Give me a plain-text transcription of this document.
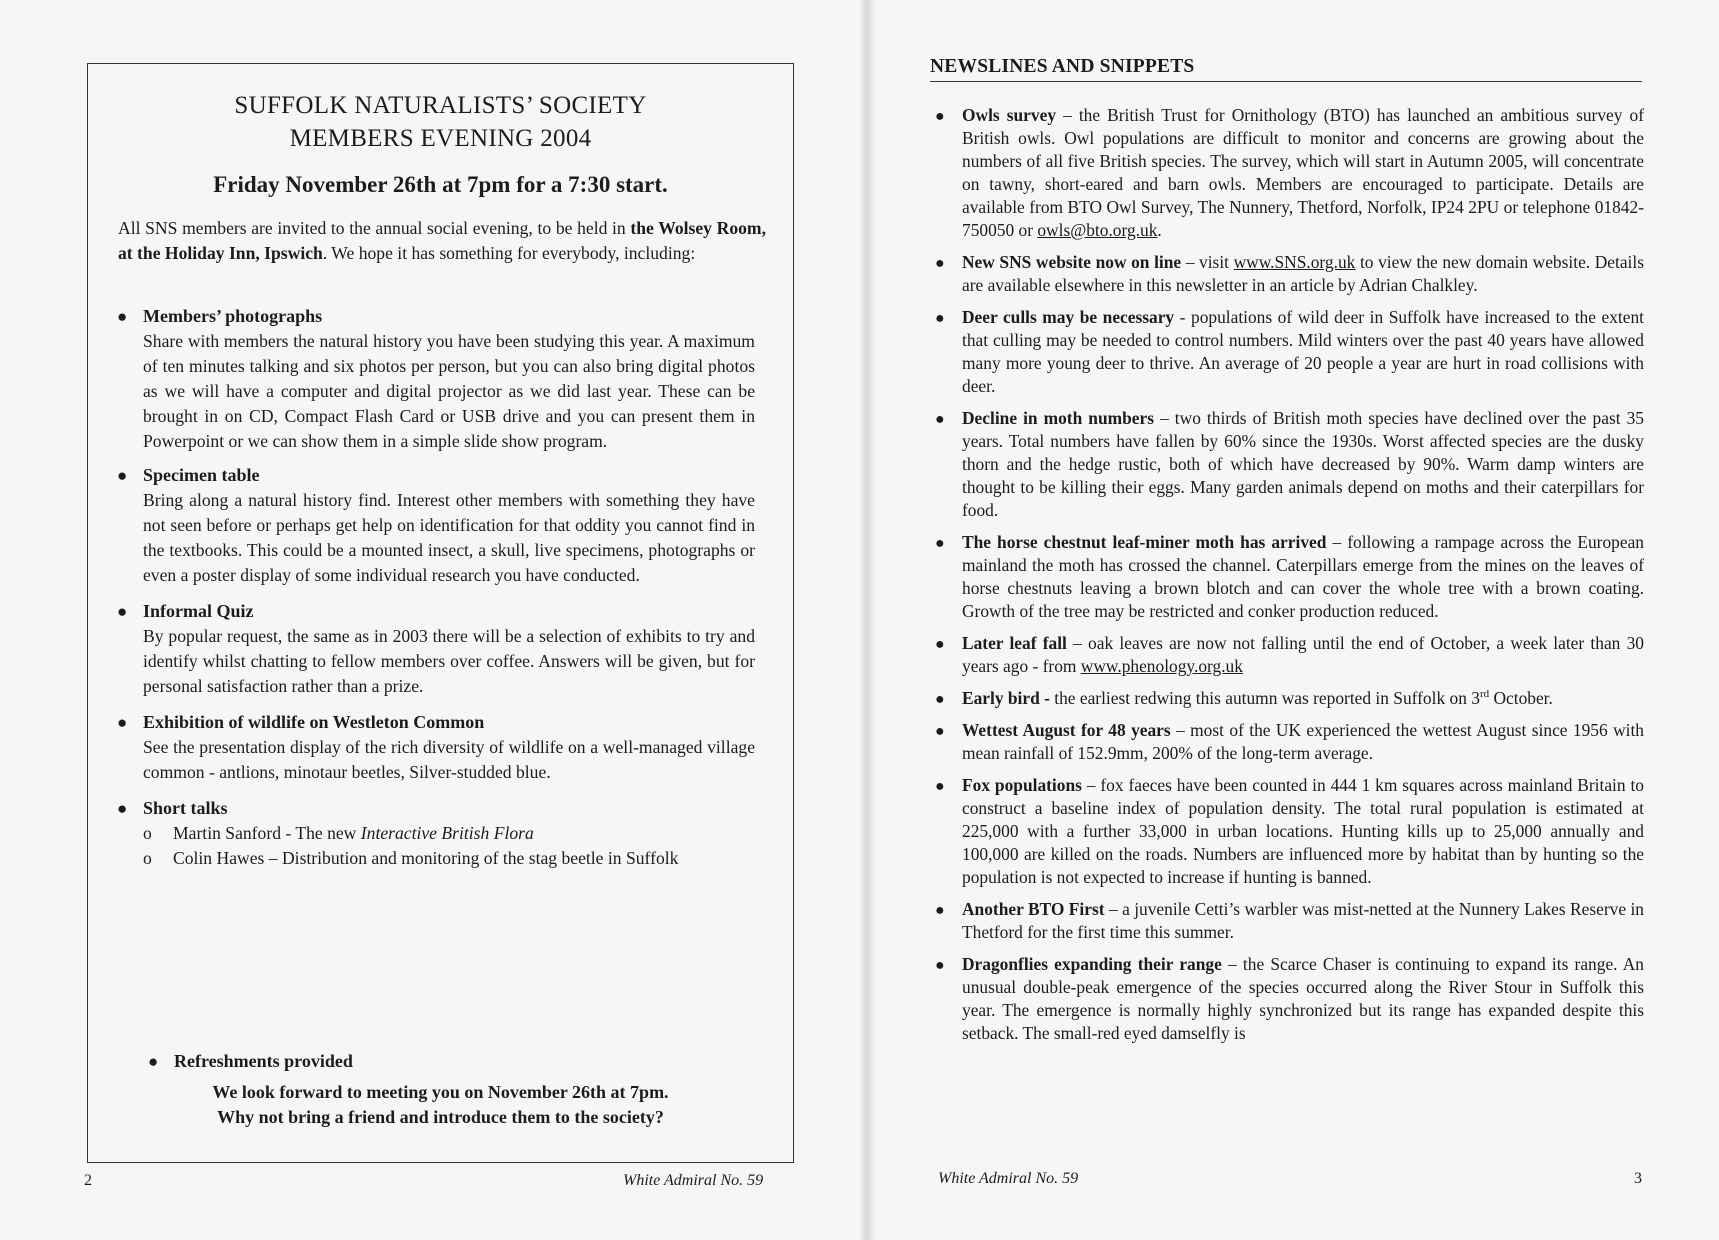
SUFFOLK NATURALISTS’ SOCIETY
MEMBERS EVENING 2004
Friday November 26th at 7pm for a 7:30 start.

All SNS members are invited to the annual social evening, to be held in the Wolsey Room, at the Holiday Inn, Ipswich. We hope it has something for everybody, including:

● Members’ photographs
Share with members the natural history you have been studying this year. A maximum of ten minutes talking and six photos per person, but you can also bring digital photos as we will have a computer and digital projector as we did last year. These can be brought in on CD, Compact Flash Card or USB drive and you can present them in Powerpoint or we can show them in a simple slide show program.
● Specimen table
Bring along a natural history find. Interest other members with something they have not seen before or perhaps get help on identification for that oddity you cannot find in the textbooks. This could be a mounted insect, a skull, live specimens, photographs or even a poster display of some individual research you have conducted.
● Informal Quiz
By popular request, the same as in 2003 there will be a selection of exhibits to try and identify whilst chatting to fellow members over coffee. Answers will be given, but for personal satisfaction rather than a prize.
● Exhibition of wildlife on Westleton Common
See the presentation display of the rich diversity of wildlife on a well-managed village common - antlions, minotaur beetles, Silver-studded blue.
● Short talks
o Martin Sanford - The new Interactive British Flora
o Colin Hawes – Distribution and monitoring of the stag beetle in Suffolk
● Refreshments provided
We look forward to meeting you on November 26th at 7pm.
Why not bring a friend and introduce them to the society?
2	White Admiral No. 59
NEWSLINES AND SNIPPETS
● Owls survey – the British Trust for Ornithology (BTO) has launched an ambitious survey of British owls. Owl populations are difficult to monitor and concerns are growing about the numbers of all five British species. The survey, which will start in Autumn 2005, will concentrate on tawny, short-eared and barn owls. Members are encouraged to participate. Details are available from BTO Owl Survey, The Nunnery, Thetford, Norfolk, IP24 2PU or telephone 01842-750050 or owls@bto.org.uk.
● New SNS website now on line – visit www.SNS.org.uk to view the new domain website. Details are available elsewhere in this newsletter in an article by Adrian Chalkley.
● Deer culls may be necessary - populations of wild deer in Suffolk have increased to the extent that culling may be needed to control numbers. Mild winters over the past 40 years have allowed many more young deer to thrive. An average of 20 people a year are hurt in road collisions with deer.
● Decline in moth numbers – two thirds of British moth species have declined over the past 35 years. Total numbers have fallen by 60% since the 1930s. Worst affected species are the dusky thorn and the hedge rustic, both of which have decreased by 90%. Warm damp winters are thought to be killing their eggs. Many garden animals depend on moths and their caterpillars for food.
● The horse chestnut leaf-miner moth has arrived – following a rampage across the European mainland the moth has crossed the channel. Caterpillars emerge from the mines on the leaves of horse chestnuts leaving a brown blotch and can cover the whole tree with a brown coating. Growth of the tree may be restricted and conker production reduced.
● Later leaf fall – oak leaves are now not falling until the end of October, a week later than 30 years ago - from www.phenology.org.uk
● Early bird - the earliest redwing this autumn was reported in Suffolk on 3rd October.
● Wettest August for 48 years – most of the UK experienced the wettest August since 1956 with mean rainfall of 152.9mm, 200% of the long-term average.
● Fox populations – fox faeces have been counted in 444 1 km squares across mainland Britain to construct a baseline index of population density. The total rural population is estimated at 225,000 with a further 33,000 in urban locations. Hunting kills up to 25,000 annually and 100,000 are killed on the roads. Numbers are influenced more by habitat than by hunting so the population is not expected to increase if hunting is banned.
● Another BTO First – a juvenile Cetti’s warbler was mist-netted at the Nunnery Lakes Reserve in Thetford for the first time this summer.
● Dragonflies expanding their range – the Scarce Chaser is continuing to expand its range. An unusual double-peak emergence of the species occurred along the River Stour in Suffolk this year. The emergence is normally highly synchronized but its range has expanded despite this setback. The small-red eyed damselfly is
White Admiral No. 59	3
